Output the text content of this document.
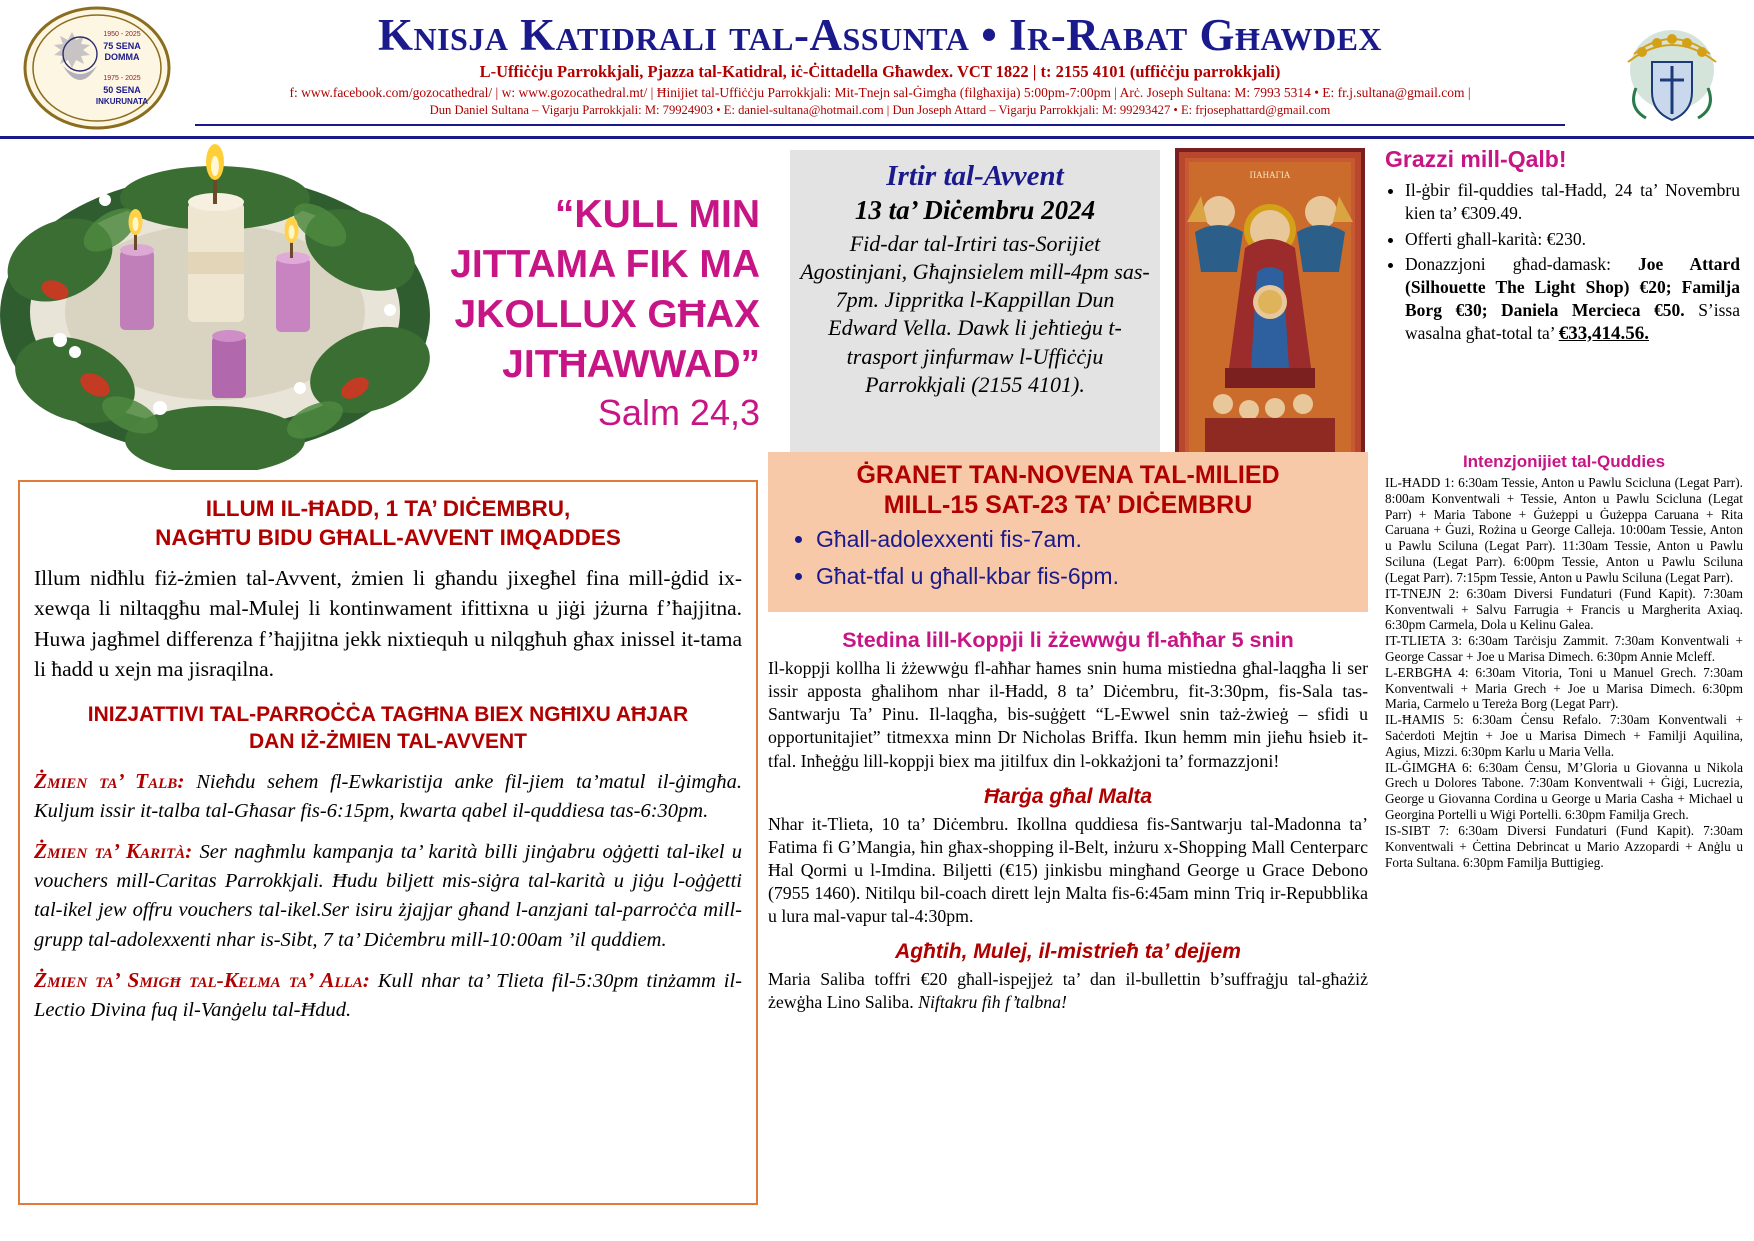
1950 - 2025
75 SENA
DOMMA
1975 - 2025
50 SENA
INKURUNATA
Knisja Katidrali tal-Assunta • Ir-Rabat Għawdex
L-Uffiċċju Parrokkjali, Pjazza tal-Katidral, iċ-Ċittadella Għawdex. VCT 1822 | t: 2155 4101 (uffiċċju parrokkjali)
f: www.facebook.com/gozocathedral/ | w: www.gozocathedral.mt/ | Ħinijiet tal-Uffiċċju Parrokkjali: Mit-Tnejn sal-Ġimgħa (filgħaxija) 5:00pm-7:00pm | Arċ. Joseph Sultana: M: 7993 5314 • E: fr.j.sultana@gmail.com |
Dun Daniel Sultana – Vigarju Parrokkjali: M: 79924903 • E: daniel-sultana@hotmail.com | Dun Joseph Attard – Vigarju Parrokkjali: M: 99293427 • E: frjosephattard@gmail.com
“KULL MIN
JITTAMA FIK MA
JKOLLUX GĦAX
JITĦAWWAD”
Salm 24,3
Irtir tal-Avvent
13 ta’ Diċembru 2024

Fid-dar tal-Irtiri tas-Sorijiet Agostinjani, Għajnsielem mill-4pm sas-7pm. Jippritka l-Kappillan Dun Edward Vella. Dawk li jeħtieġu t-trasport jinfurmaw l-Uffiċċju Parrokkjali (2155 4101).

ПАНАГIА
Grazzi mill-Qalb!
• Il-ġbir fil-quddies tal-Ħadd, 24 ta’ Novembru kien ta’ €309.49.
• Offerti għall-karità: €230.
• Donazzjoni għad-damask: Joe Attard (Silhouette The Light Shop) €20; Familja Borg €30; Daniela Mercieca €50. S’issa wasalna għat-total ta’ €33,414.56.
Intenzjonijiet tal-Quddies

IL-ĦADD 1: 6:30am Tessie, Anton u Pawlu Scicluna (Legat Parr). 8:00am Konventwali + Tessie, Anton u Pawlu Scicluna (Legat Parr) + Maria Tabone + Ġużeppi u Ġużeppa Caruana + Rita Caruana + Ġuzi, Rożina u George Calleja. 10:00am Tessie, Anton u Pawlu Sciluna (Legat Parr). 11:30am Tessie, Anton u Pawlu Sciluna (Legat Parr). 6:00pm Tessie, Anton u Pawlu Sciluna (Legat Parr). 7:15pm Tessie, Anton u Pawlu Sciluna (Legat Parr).

IT-TNEJN 2: 6:30am Diversi Fundaturi (Fund Kapit). 7:30am Konventwali + Salvu Farrugia + Francis u Margherita Axiaq. 6:30pm Carmela, Dola u Kelinu Galea.

IT-TLIETA 3: 6:30am Tarċisju Zammit. 7:30am Konventwali + George Cassar + Joe u Marisa Dimech. 6:30pm Annie Mcleff.

L-ERBGĦA 4: 6:30am Vitoria, Toni u Manuel Grech. 7:30am Konventwali + Maria Grech + Joe u Marisa Dimech. 6:30pm Maria, Carmelo u Tereża Borg (Legat Parr).

IL-ĦAMIS 5: 6:30am Ċensu Refalo. 7:30am Konventwali + Saċerdoti Mejtin + Joe u Marisa Dimech + Familji Aquilina, Agius, Mizzi. 6:30pm Karlu u Maria Vella.

IL-ĠIMGĦA 6: 6:30am Ċensu, M’Gloria u Giovanna u Nikola Grech u Dolores Tabone. 7:30am Konventwali + Ġiġi, Lucrezia, George u Giovanna Cordina u George u Maria Casha + Michael u Georgina Portelli u Wiġi Portelli. 6:30pm Familja Grech.

IS-SIBT 7: 6:30am Diversi Fundaturi (Fund Kapit). 7:30am Konventwali + Ċettina Debrincat u Mario Azzopardi + Anġlu u Forta Sultana. 6:30pm Familja Buttigieg.

ILLUM IL-ĦADD, 1 TA’ DIĊEMBRU,
NAGĦTU BIDU GĦALL-AVVENT IMQADDES
Illum nidħlu fiż-żmien tal-Avvent, żmien li għandu jixegħel fina mill-ġdid ix-xewqa li niltaqgħu mal-Mulej li kontinwament ifittixna u jiġi jżurna f’ħajjitna. Huwa jagħmel differenza f’ħajjitna jekk nixtiequh u nilqgħuh għax inissel it-tama li ħadd u xejn ma jisraqilna.
INIZJATTIVI TAL-PARROĊĊA TAGĦNA BIEX NGĦIXU AĦJAR
DAN IŻ-ŻMIEN TAL-AVVENT
Żmien ta’ Talb: Nieħdu sehem fl-Ewkaristija anke fil-jiem ta’matul il-ġimgħa. Kuljum issir it-talba tal-Għasar fis-6:15pm, kwarta qabel il-quddiesa tas-6:30pm.
Żmien ta’ Karità: Ser nagħmlu kampanja ta’ karità billi jinġabru oġġetti tal-ikel u vouchers mill-Caritas Parrokkjali. Ħudu biljett mis-siġra tal-karità u jiġu l-oġġetti tal-ikel jew offru vouchers tal-ikel.Ser isiru żjajjar għand l-anzjani tal-parroċċa mill-grupp tal-adolexxenti nhar is-Sibt, 7 ta’ Diċembru mill-10:00am ’il quddiem.
Żmien ta’ Smigħ tal-Kelma ta’ Alla: Kull nhar ta’ Tlieta fil-5:30pm tinżamm il-Lectio Divina fuq il-Vanġelu tal-Ħdud.
ĠRANET TAN-NOVENA TAL-MILIED
MILL-15 SAT-23 TA’ DIĊEMBRU
• Għall-adolexxenti fis-7am.
• Għat-tfal u għall-kbar fis-6pm.
Stedina lill-Koppji li żżewwġu fl-aħħar 5 snin

Il-koppji kollha li żżewwġu fl-aħħar ħames snin huma mistiedna għal-laqgħa li ser issir apposta għalihom nhar il-Ħadd, 8 ta’ Diċembru, fit-3:30pm, fis-Sala tas-Santwarju Ta’ Pinu. Il-laqgħa, bis-suġġett “L-Ewwel snin taż-żwieġ – sfidi u opportunitajiet” titmexxa minn Dr Nicholas Briffa. Ikun hemm min jieħu ħsieb it-tfal. Inħeġġu lill-koppji biex ma jitilfux din l-okkażjoni ta’ formazzjoni!

Ħarġa għal Malta

Nhar it-Tlieta, 10 ta’ Diċembru. Ikollna quddiesa fis-Santwarju tal-Madonna ta’ Fatima fi G’Mangia, ħin għax-shopping il-Belt, inżuru x-Shopping Mall Centerparc Ħal Qormi u l-Imdina. Biljetti (€15) jinkisbu mingħand George u Grace Debono (7955 1460). Nitilqu bil-coach dirett lejn Malta fis-6:45am minn Triq ir-Repubblika u lura mal-vapur tal-4:30pm.

Agħtih, Mulej, il-mistrieħ ta’ dejjem

Maria Saliba toffri €20 għall-ispejjeż ta’ dan il-bullettin b’suffraġju tal-għażiż żewġha Lino Saliba. Niftakru fih f’talbna!
